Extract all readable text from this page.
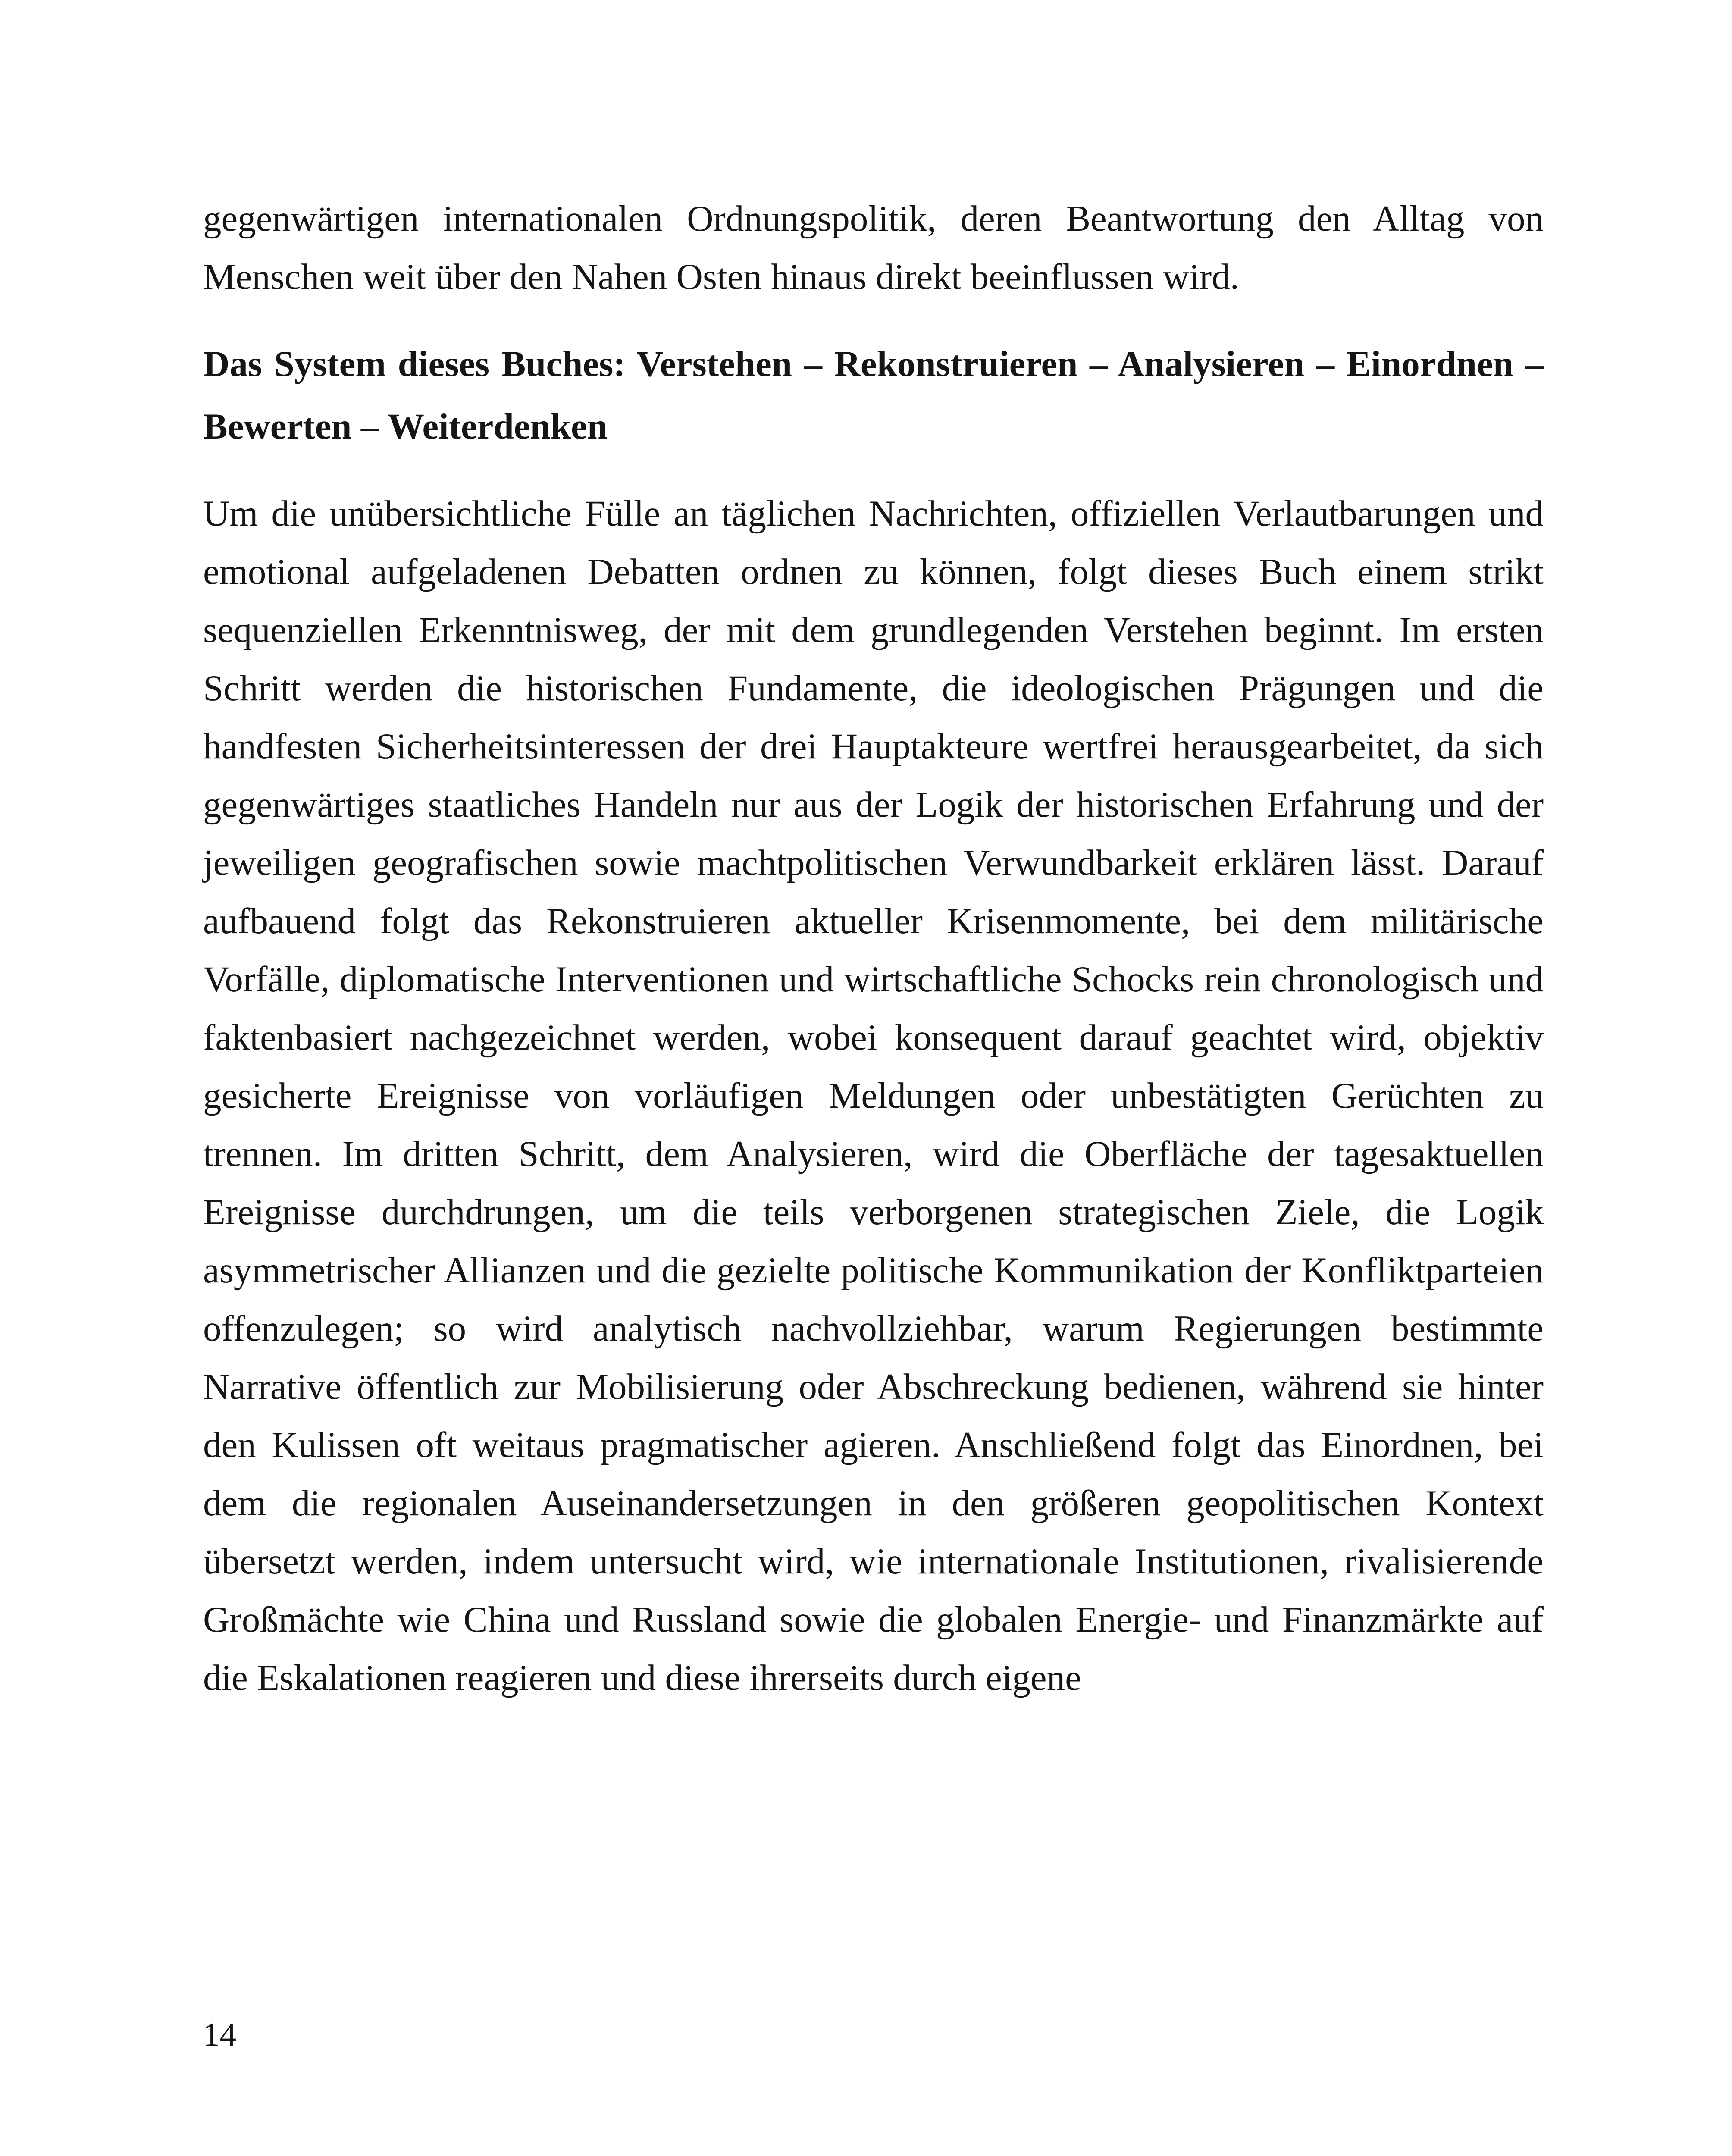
gegenwärtigen internationalen Ordnungspolitik, deren Beantwortung den Alltag von Menschen weit über den Nahen Osten hinaus direkt beeinflussen wird.

Das System dieses Buches: Verstehen – Rekonstruieren – Analysieren – Einordnen – Bewerten – Weiterdenken

Um die unübersichtliche Fülle an täglichen Nachrichten, offiziellen Verlautbarungen und emotional aufgeladenen Debatten ordnen zu können, folgt dieses Buch einem strikt sequenziellen Erkenntnisweg, der mit dem grundlegenden Verstehen beginnt. Im ersten Schritt werden die historischen Fundamente, die ideologischen Prägungen und die handfesten Sicherheitsinteressen der drei Hauptakteure wertfrei herausgearbeitet, da sich gegenwärtiges staatliches Handeln nur aus der Logik der historischen Erfahrung und der jeweiligen geografischen sowie machtpolitischen Verwundbarkeit erklären lässt. Darauf aufbauend folgt das Rekonstruieren aktueller Krisenmomente, bei dem militärische Vorfälle, diplomatische Interventionen und wirtschaftliche Schocks rein chronologisch und faktenbasiert nachgezeichnet werden, wobei konsequent darauf geachtet wird, objektiv gesicherte Ereignisse von vorläufigen Meldungen oder unbestätigten Gerüchten zu trennen. Im dritten Schritt, dem Analysieren, wird die Oberfläche der tagesaktuellen Ereignisse durchdrungen, um die teils verborgenen strategischen Ziele, die Logik asymmetrischer Allianzen und die gezielte politische Kommunikation der Konfliktparteien offenzulegen; so wird analytisch nachvollziehbar, warum Regierungen bestimmte Narrative öffentlich zur Mobilisierung oder Abschreckung bedienen, während sie hinter den Kulissen oft weitaus pragmatischer agieren. Anschließend folgt das Einordnen, bei dem die regionalen Auseinandersetzungen in den größeren geopolitischen Kontext übersetzt werden, indem untersucht wird, wie internationale Institutionen, rivalisierende Großmächte wie China und Russland sowie die globalen Energie- und Finanzmärkte auf die Eskalationen reagieren und diese ihrerseits durch eigene

14
